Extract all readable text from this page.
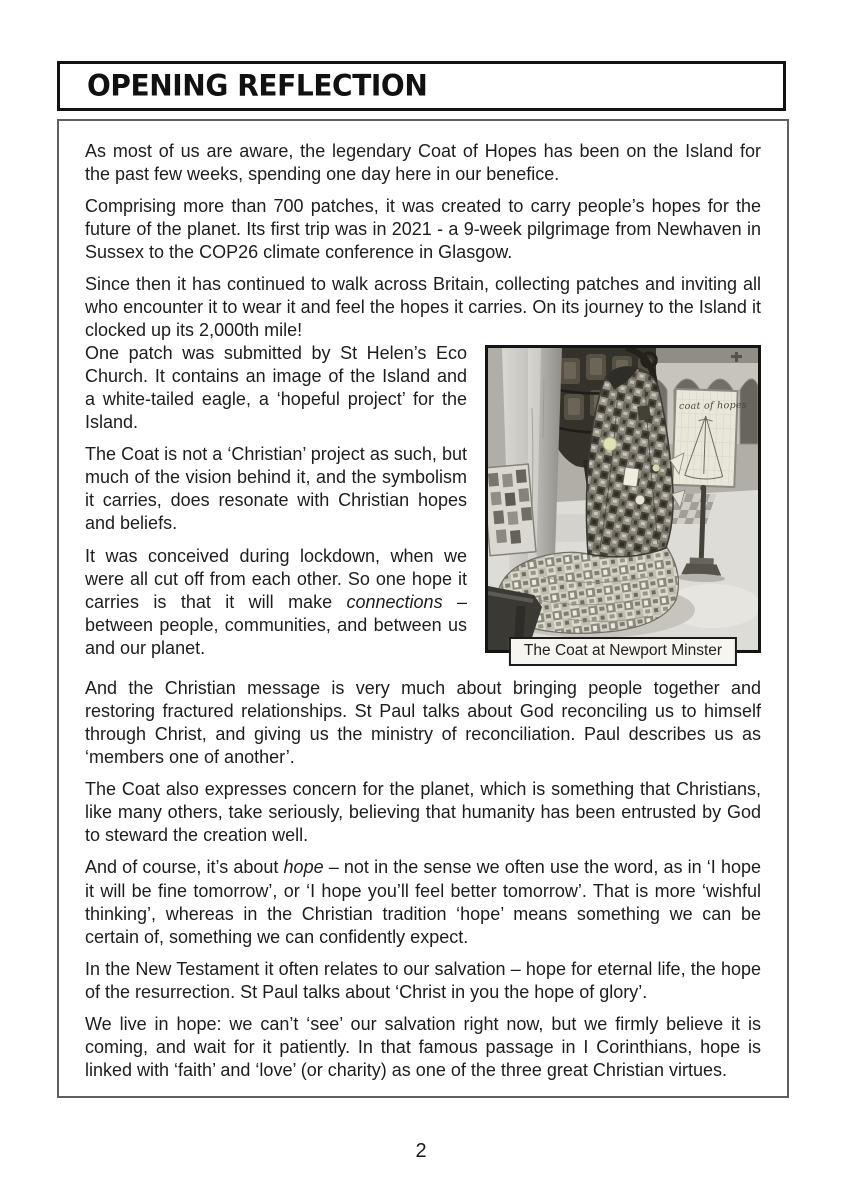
OPENING REFLECTION

As most of us are aware, the legendary Coat of Hopes has been on the Island for the past few weeks, spending one day here in our benefice.

Comprising more than 700 patches, it was created to carry people’s hopes for the future of the planet. Its first trip was in 2021 - a 9-week pilgrimage from Newhaven in Sussex to the COP26 climate conference in Glasgow.

Since then it has continued to walk across Britain, collecting patches and inviting all who encounter it to wear it and feel the hopes it carries. On its journey to the Island it clocked up its 2,000th mile!

coat of hopes
The Coat at Newport Minster

One patch was submitted by St Helen’s Eco Church. It contains an image of the Island and a white-tailed eagle, a ‘hopeful project’ for the Island.

The Coat is not a ‘Christian’ project as such, but much of the vision behind it, and the symbolism it carries, does resonate with Christian hopes and beliefs.

It was conceived during lockdown, when we were all cut off from each other. So one hope it carries is that it will make connections – between people, communities, and between us and our planet.

And the Christian message is very much about bringing people together and restoring fractured relationships. St Paul talks about God reconciling us to himself through Christ, and giving us the ministry of reconciliation. Paul describes us as ‘members one of another’.

The Coat also expresses concern for the planet, which is something that Christians, like many others, take seriously, believing that humanity has been entrusted by God to steward the creation well.

And of course, it’s about hope – not in the sense we often use the word, as in ‘I hope it will be fine tomorrow’, or ‘I hope you’ll feel better tomorrow’. That is more ‘wishful thinking’, whereas in the Christian tradition ‘hope’ means something we can be certain of, something we can confidently expect.

In the New Testament it often relates to our salvation – hope for eternal life, the hope of the resurrection. St Paul talks about ‘Christ in you the hope of glory’.

We live in hope: we can’t ‘see’ our salvation right now, but we firmly believe it is coming, and wait for it patiently. In that famous passage in I Corinthians, hope is linked with ‘faith’ and ‘love’ (or charity) as one of the three great Christian virtues.

2
